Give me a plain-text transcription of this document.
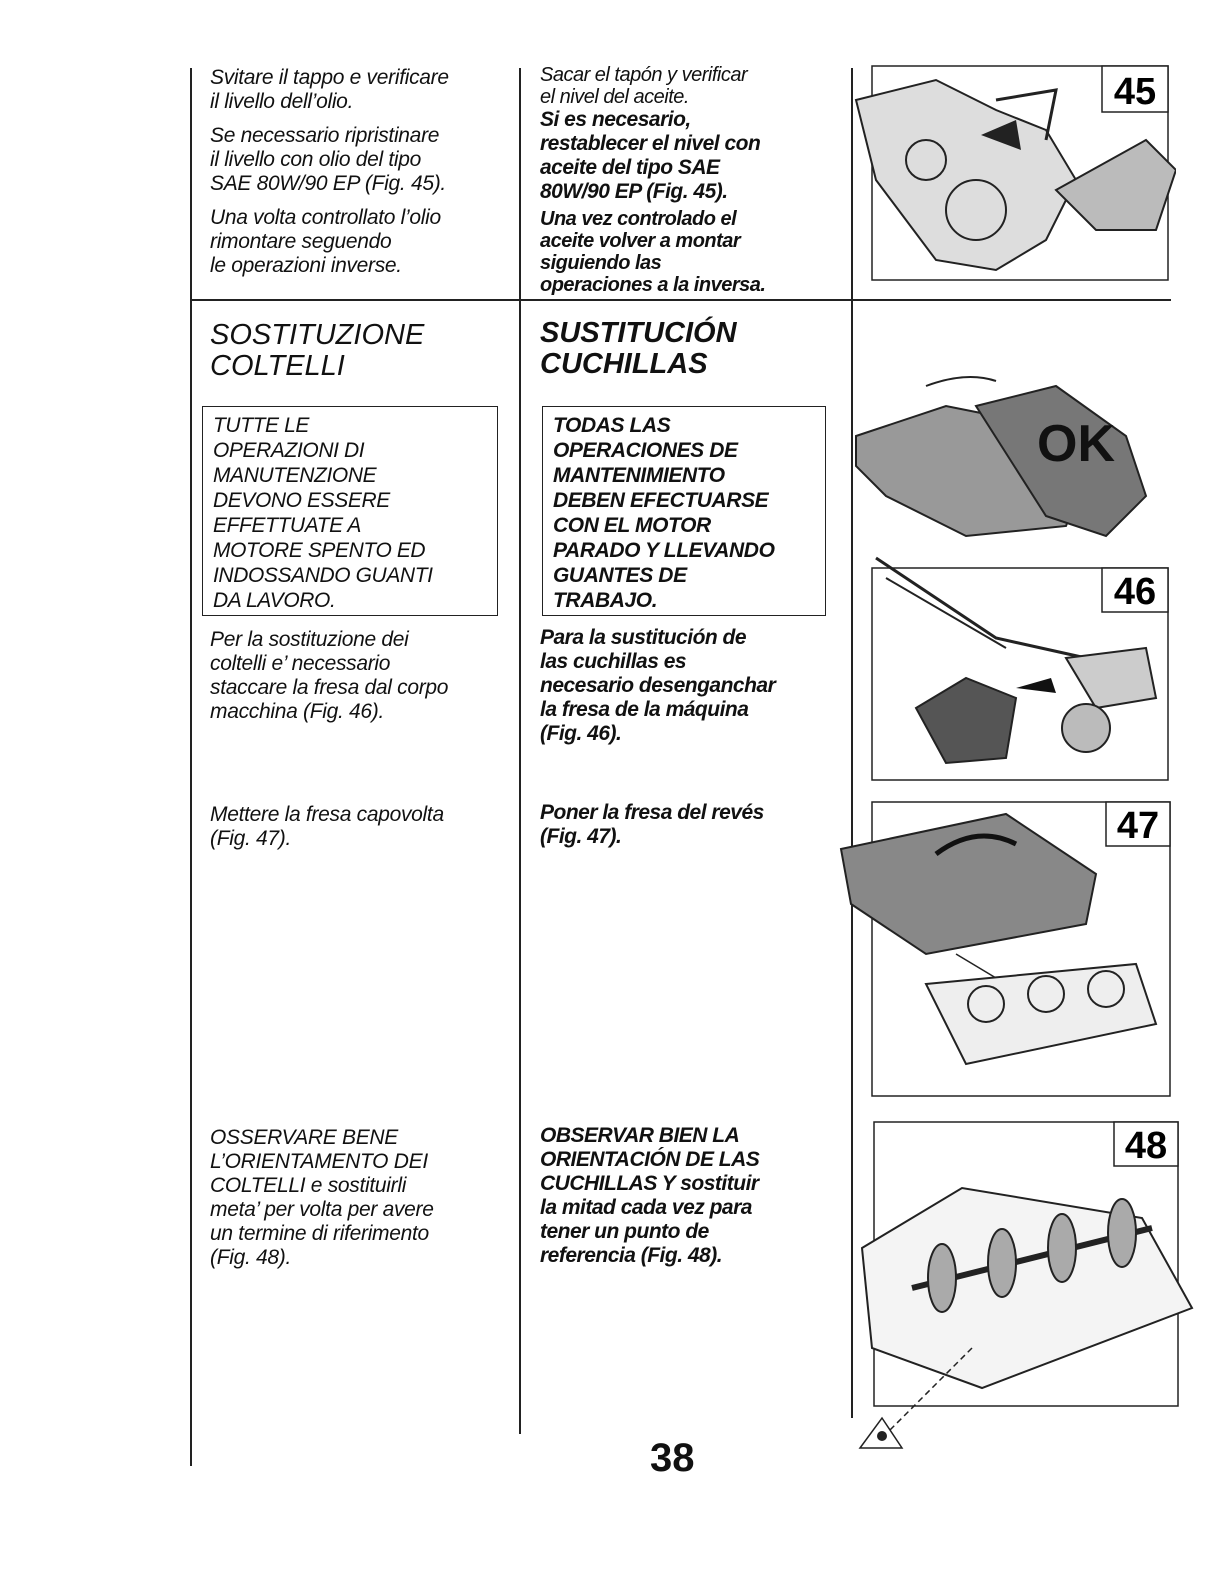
Svitare il tappo e verificare
il livello dell’olio.

Se necessario ripristinare
il livello con olio del tipo
SAE 80W/90 EP (Fig. 45).

Una volta controllato l’olio
rimontare seguendo
le operazioni inverse.

Sacar el tapón y verificar
el nivel del aceite.
Si es necesario,
restablecer el nivel con
aceite del tipo SAE
80W/90 EP (Fig. 45).
Una vez controlado el
aceite volver a montar
siguiendo las
operaciones a la inversa.
SOSTITUZIONE
COLTELLI
SUSTITUCIÓN
CUCHILLAS
TUTTE LE
OPERAZIONI DI
MANUTENZIONE
DEVONO ESSERE
EFFETTUATE A
MOTORE SPENTO ED
INDOSSANDO GUANTI
DA LAVORO.
TODAS LAS
OPERACIONES DE
MANTENIMIENTO
DEBEN EFECTUARSE
CON EL MOTOR
PARADO Y LLEVANDO
GUANTES DE
TRABAJO.
Per la sostituzione dei
coltelli e’ necessario
staccare la fresa dal corpo
macchina (Fig. 46).
Para la sustitución de
las cuchillas es
necesario desenganchar
la fresa de la máquina
(Fig. 46).
Mettere la fresa capovolta
(Fig. 47).
Poner la fresa del revés
(Fig. 47).
OSSERVARE BENE
L’ORIENTAMENTO DEI
COLTELLI e sostituirli
meta’ per volta per avere
un termine di riferimento
(Fig. 48).
OBSERVAR BIEN LA
ORIENTACIÓN DE LAS
CUCHILLAS Y sostituir
la mitad cada vez para
tener un punto de
referencia (Fig. 48).
45
OK
46
47
48
38
